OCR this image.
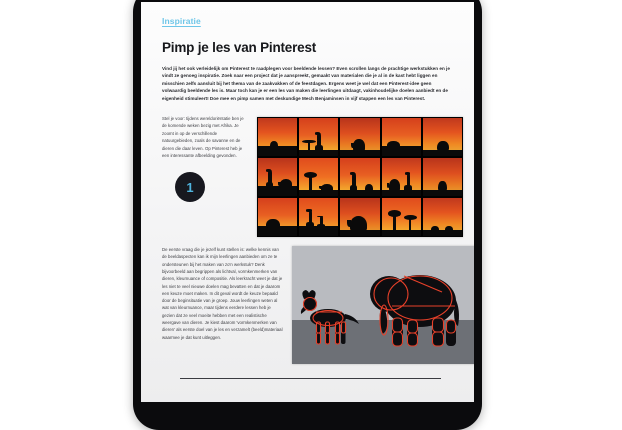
Inspiratie
Pimp je les van Pinterest

Vind jij het ook verleidelijk om Pinterest te raadplegen voor beeldende lessen? Even scrollen langs de prachtige werkstukken en je vindt ze genoeg inspiratie. Zoek naar een project dat je aanspreekt, gemaakt van materialen die je al in de kast hebt liggen en misschien zelfs aansluit bij het thema van de zaakvakken of de feestdagen. Ergens weet je wel dat een Pinterest-idee geen volwaardig beeldende les is. Maar toch kan je er een les van maken die leerlingen uitdaagt, vakinhoudelijke doelen aanbiedt en de eigenheid stimuleert! Doe mee en pimp samen met deskundige Mech Benjaminsen in vijf stappen een les van Pinterest.

Stel je voor: tijdens wereldoriëntatie ben je de komende weken bezig met Afrika. Je zoomt in op de verschillende natuurgebieden, zoals de savanne en de dieren die daar leven. Op Pinterest heb je een interessante afbeelding gevonden.
1
De eerste vraag die je jezelf kunt stellen is: welke kennis van de beeldaspecten kan ik mijn leerlingen aanbieden om ze te ondersteunen bij het maken van zo'n werkstuk? Denk bijvoorbeeld aan begrippen als lichtval, vormkenmerken van dieren, kleurnuance of compositie. Als leerkracht weet je dat je les niet te veel nieuwe doelen mag bevatten en dat je daarom een keuze moet maken. In dit geval wordt de keuze bepaald door de beginsituatie van je groep. Jouw leerlingen weten al wat van kleurnuance, maar tijdens eerdere lessen heb je gezien dat ze veel moeite hebben met een realistische weergave van dieren. Je kiest daarom 'vormkenmerken van dieren' als eerste doel van je les en verzamelt (beeld)materiaal waarmee je dat kunt uitleggen.
